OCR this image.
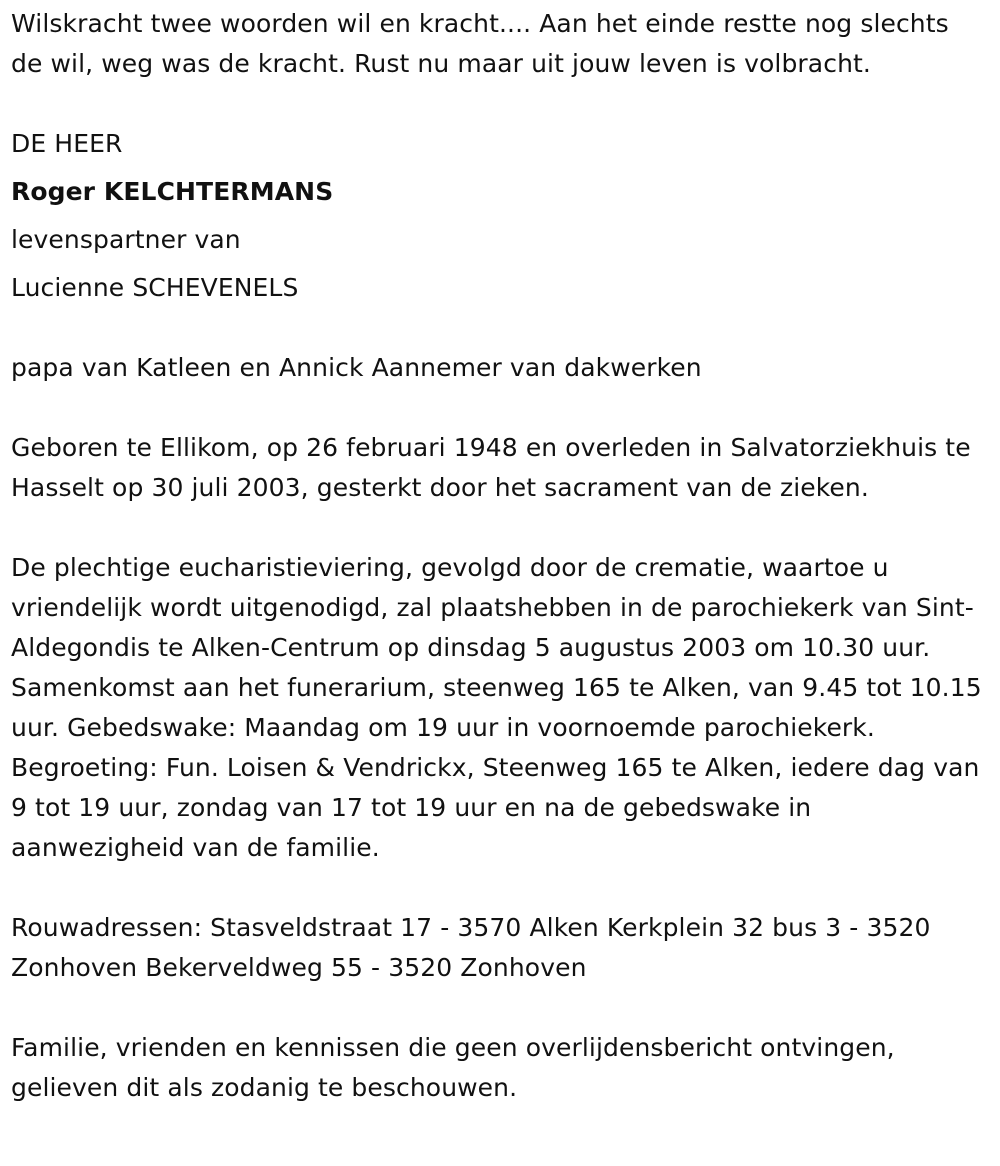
Wilskracht twee woorden wil en kracht.... Aan het einde restte nog slechts de wil, weg was de kracht. Rust nu maar uit jouw leven is volbracht.

DE HEER

Roger KELCHTERMANS

levenspartner van

Lucienne SCHEVENELS

papa van Katleen en Annick Aannemer van dakwerken

Geboren te Ellikom, op 26 februari 1948 en overleden in Salvatorziekhuis te Hasselt op 30 juli 2003, gesterkt door het sacrament van de zieken.

De plechtige eucharistieviering, gevolgd door de crematie, waartoe u vriendelijk wordt uitgenodigd, zal plaatshebben in de parochiekerk van Sint-Aldegondis te Alken-Centrum op dinsdag 5 augustus 2003 om 10.30 uur. Samenkomst aan het funerarium, steenweg 165 te Alken, van 9.45 tot 10.15 uur. Gebedswake: Maandag om 19 uur in voornoemde parochiekerk. Begroeting: Fun. Loisen & Vendrickx, Steenweg 165 te Alken, iedere dag van 9 tot 19 uur, zondag van 17 tot 19 uur en na de gebedswake in aanwezigheid van de familie.

Rouwadressen: Stasveldstraat 17 - 3570 Alken Kerkplein 32 bus 3 - 3520 Zonhoven Bekerveldweg 55 - 3520 Zonhoven

Familie, vrienden en kennissen die geen overlijdensbericht ontvingen, gelieven dit als zodanig te beschouwen.
